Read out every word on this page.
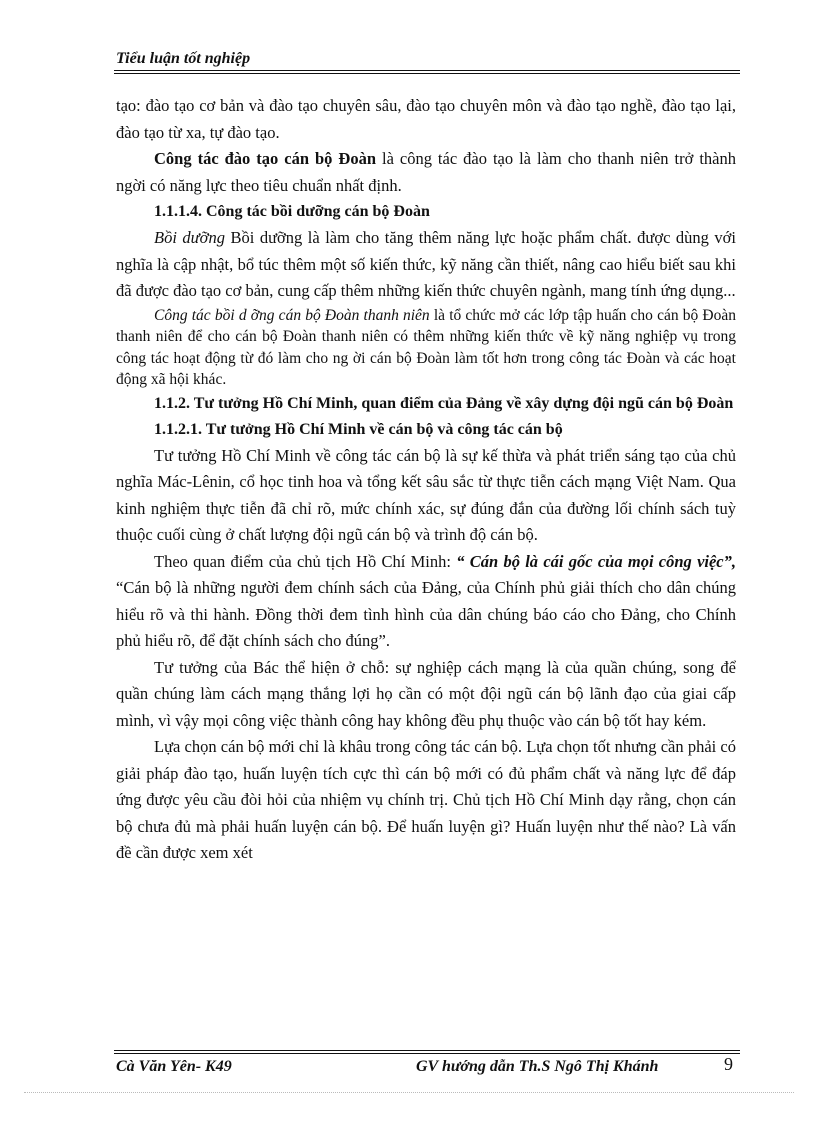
Tiểu luận tốt nghiệp

tạo: đào tạo cơ bản và đào tạo chuyên sâu, đào tạo chuyên môn và đào tạo nghề, đào tạo lại, đào tạo từ xa, tự đào tạo.

Công tác đào tạo cán bộ Đoàn là công tác đào tạo là làm cho thanh niên trở thành ngời có năng lực theo tiêu chuẩn nhất định.

1.1.1.4. Công tác bồi dưỡng cán bộ Đoàn

Bồi dưỡng Bồi dưỡng là làm cho tăng thêm năng lực hoặc phẩm chất. được dùng với nghĩa là cập nhật, bổ túc thêm một số kiến thức, kỹ năng cần thiết, nâng cao hiểu biết sau khi đã được đào tạo cơ bản, cung cấp thêm những kiến thức chuyên ngành, mang tính ứng dụng...

Công tác bồi d ỡng cán bộ Đoàn thanh niên là tổ chức mở các lớp tập huấn cho cán bộ Đoàn thanh niên để cho cán bộ Đoàn thanh niên có thêm những kiến thức về kỹ năng nghiệp vụ trong công tác hoạt động từ đó làm cho ng ời cán bộ Đoàn làm tốt hơn trong công tác Đoàn và các hoạt động xã hội khác.

1.1.2. Tư tưởng Hồ Chí Minh, quan điểm của Đảng về xây dựng đội ngũ cán bộ Đoàn

1.1.2.1. Tư tưởng Hồ Chí Minh về cán bộ và công tác cán bộ

Tư tưởng Hồ Chí Minh về công tác cán bộ là sự kế thừa và phát triển sáng tạo của chủ nghĩa Mác-Lênin, cổ học tinh hoa và tổng kết sâu sắc từ thực tiễn cách mạng Việt Nam. Qua kinh nghiệm thực tiễn đã chỉ rõ, mức chính xác, sự đúng đắn của đường lối chính sách tuỳ thuộc cuối cùng ở chất lượng đội ngũ cán bộ và trình độ cán bộ.

Theo quan điểm của chủ tịch Hồ Chí Minh: “ Cán bộ là cái gốc của mọi công việc”, “Cán bộ là những người đem chính sách của Đảng, của Chính phủ giải thích cho dân chúng hiểu rõ và thi hành. Đồng thời đem tình hình của dân chúng báo cáo cho Đảng, cho Chính phủ hiểu rõ, để đặt chính sách cho đúng”.

Tư tưởng của Bác thể hiện ở chỗ: sự nghiệp cách mạng là của quần chúng, song để quần chúng làm cách mạng thắng lợi họ cần có một đội ngũ cán bộ lãnh đạo của giai cấp mình, vì vậy mọi công việc thành công hay không đều phụ thuộc vào cán bộ tốt hay kém.

Lựa chọn cán bộ mới chỉ là khâu trong công tác cán bộ. Lựa chọn tốt nhưng cần phải có giải pháp đào tạo, huấn luyện tích cực thì cán bộ mới có đủ phẩm chất và năng lực để đáp ứng được yêu cầu đòi hỏi của nhiệm vụ chính trị. Chủ tịch Hồ Chí Minh dạy rằng, chọn cán bộ chưa đủ mà phải huấn luyện cán bộ. Để huấn luyện gì? Huấn luyện như thế nào? Là vấn đề cần được xem xét

Cà Văn Yên- K49	GV hướng dẫn Th.S Ngô Thị Khánh	9
